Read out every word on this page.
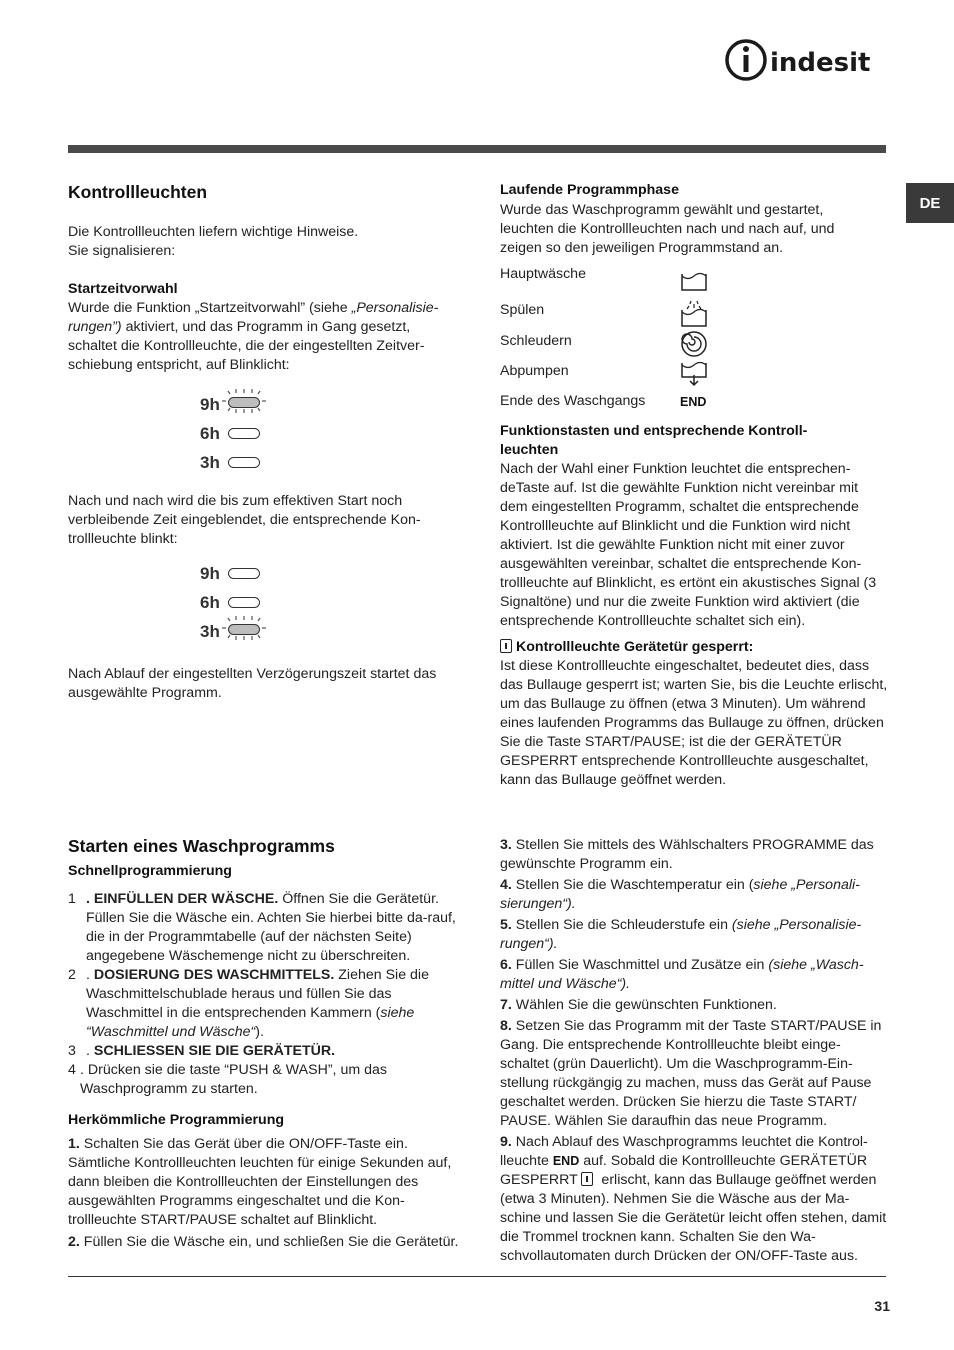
indesit
DE
Kontrollleuchten

Die Kontrollleuchten liefern wichtige Hinweise.

Sie signalisieren:

Startzeitvorwahl

Wurde die Funktion „Startzeitvorwahl” (siehe „Personalisie-rungen”) aktiviert, und das Programm in Gang gesetzt, schaltet die Kontrollleuchte, die der eingestellten Zeitver-schiebung entspricht, auf Blinklicht:

9h
6h
3h

Nach und nach wird die bis zum effektiven Start noch verbleibende Zeit eingeblendet, die entsprechende Kon-trollleuchte blinkt:

9h
6h
3h

Nach Ablauf der eingestellten Verzögerungszeit startet das ausgewählte Programm.

Laufende Programmphase

Wurde das Waschprogramm gewählt und gestartet, leuchten die Kontrollleuchten nach und nach auf, und zeigen so den jeweiligen Programmstand an.

Hauptwäsche
Spülen
Schleudern
Abpumpen
Ende des Waschgangs	END

Funktionstasten und entsprechende Kontroll-leuchten

Nach der Wahl einer Funktion leuchtet die entsprechen-deTaste auf. Ist die gewählte Funktion nicht vereinbar mit dem eingestellten Programm, schaltet die entsprechende Kontrollleuchte auf Blinklicht und die Funktion wird nicht aktiviert. Ist die gewählte Funktion nicht mit einer zuvor ausgewählten vereinbar, schaltet die entsprechende Kon-trollleuchte auf Blinklicht, es ertönt ein akustisches Signal (3 Signaltöne) und nur die zweite Funktion wird aktiviert (die entsprechende Kontrollleuchte schaltet sich ein).

Kontrollleuchte Gerätetür gesperrt:

Ist diese Kontrollleuchte eingeschaltet, bedeutet dies, dass das Bullauge gesperrt ist; warten Sie, bis die Leuchte erlischt, um das Bullauge zu öffnen (etwa 3 Minuten). Um während eines laufenden Programms das Bullauge zu öffnen, drücken Sie die Taste START/PAUSE; ist die der GERÄTETÜR GESPERRT entsprechende Kontrollleuchte ausgeschaltet, kann das Bullauge geöffnet werden.

Starten eines Waschprogramms

Schnellprogrammierung

1 . EINFÜLLEN DER WÄSCHE. Öffnen Sie die Gerätetür. Füllen Sie die Wäsche ein. Achten Sie hierbei bitte da-rauf, die in der Programmtabelle (auf der nächsten Seite) angegebene Wäschemenge nicht zu überschreiten.
2 . DOSIERUNG DES WASCHMITTELS. Ziehen Sie die Waschmittelschublade heraus und füllen Sie das Waschmittel in die entsprechenden Kammern (siehe “Waschmittel und Wäsche“).
3 . SCHLIESSEN SIE DIE GERÄTETÜR.
4 . Drücken sie die taste “PUSH & WASH”, um das Waschprogramm zu starten.

Herkömmliche Programmierung

1. Schalten Sie das Gerät über die ON/OFF-Taste ein. Sämtliche Kontrollleuchten leuchten für einige Sekunden auf, dann bleiben die Kontrollleuchten der Einstellungen des ausgewählten Programms eingeschaltet und die Kon-trollleuchte START/PAUSE schaltet auf Blinklicht.

2. Füllen Sie die Wäsche ein, und schließen Sie die Gerätetür.

3. Stellen Sie mittels des Wählschalters PROGRAMME das gewünschte Programm ein.

4. Stellen Sie die Waschtemperatur ein (siehe „Personali-sierungen“).

5. Stellen Sie die Schleuderstufe ein (siehe „Personalisie-rungen“).

6. Füllen Sie Waschmittel und Zusätze ein (siehe „Wasch-mittel und Wäsche“).

7. Wählen Sie die gewünschten Funktionen.

8. Setzen Sie das Programm mit der Taste START/PAUSE in Gang. Die entsprechende Kontrollleuchte bleibt einge-schaltet (grün Dauerlicht). Um die Waschprogramm-Ein-stellung rückgängig zu machen, muss das Gerät auf Pause geschaltet werden. Drücken Sie hierzu die Taste START/ PAUSE. Wählen Sie daraufhin das neue Programm.

9. Nach Ablauf des Waschprogramms leuchtet die Kontrol-lleuchte END auf. Sobald die Kontrollleuchte GERÄTETÜR GESPERRT  erlischt, kann das Bullauge geöffnet werden (etwa 3 Minuten). Nehmen Sie die Wäsche aus der Ma-schine und lassen Sie die Gerätetür leicht offen stehen, damit die Trommel trocknen kann. Schalten Sie den Wa-schvollautomaten durch Drücken der ON/OFF-Taste aus.

31
